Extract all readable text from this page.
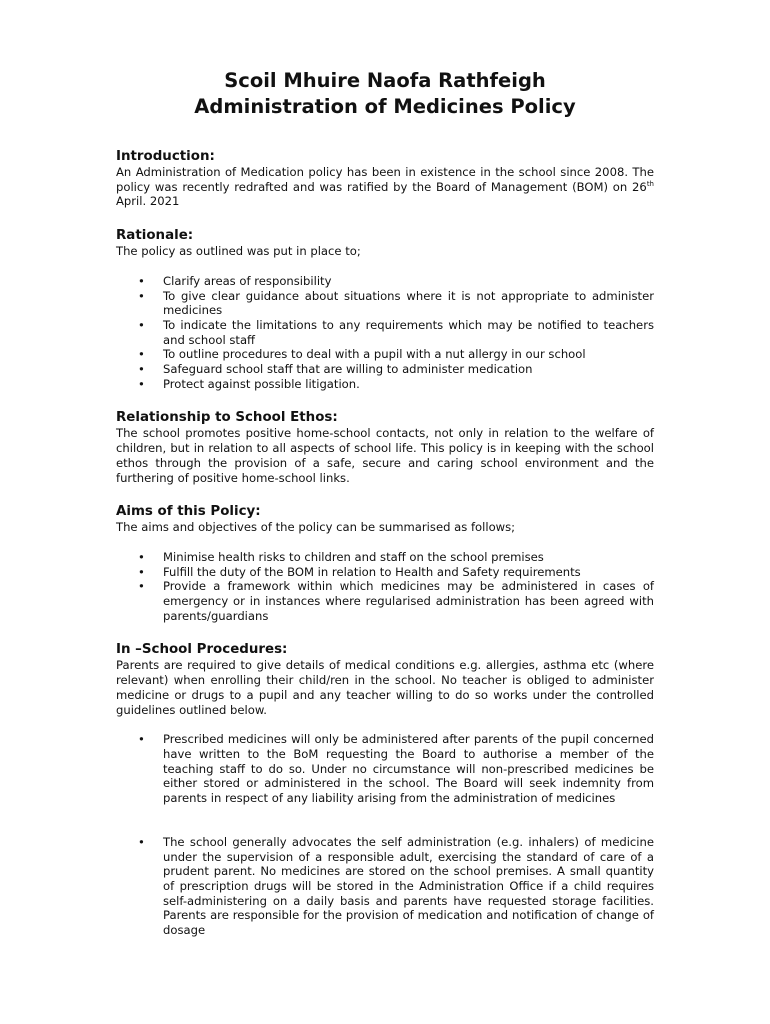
Scoil Mhuire Naofa Rathfeigh
Administration of Medicines Policy
Introduction:

An Administration of Medication policy has been in existence in the school since 2008. The policy was recently redrafted and was ratified by the Board of Management (BOM) on 26th April. 2021

Rationale:

The policy as outlined was put in place to;

• Clarify areas of responsibility
• To give clear guidance about situations where it is not appropriate to administer medicines
• To indicate the limitations to any requirements which may be notified to teachers and school staff
• To outline procedures to deal with a pupil with a nut allergy in our school
• Safeguard school staff that are willing to administer medication
• Protect against possible litigation.
Relationship to School Ethos:

The school promotes positive home-school contacts, not only in relation to the welfare of children, but in relation to all aspects of school life. This policy is in keeping with the school ethos through the provision of a safe, secure and caring school environment and the furthering of positive home-school links.

Aims of this Policy:

The aims and objectives of the policy can be summarised as follows;

• Minimise health risks to children and staff on the school premises
• Fulfill the duty of the BOM in relation to Health and Safety requirements
• Provide a framework within which medicines may be administered in cases of emergency or in instances where regularised administration has been agreed with parents/guardians
In –School Procedures:

Parents are required to give details of medical conditions e.g. allergies, asthma etc (where relevant) when enrolling their child/ren in the school. No teacher is obliged to administer medicine or drugs to a pupil and any teacher willing to do so works under the controlled guidelines outlined below.

• Prescribed medicines will only be administered after parents of the pupil concerned have written to the BoM requesting the Board to authorise a member of the teaching staff to do so. Under no circumstance will non-prescribed medicines be either stored or administered in the school. The Board will seek indemnity from parents in respect of any liability arising from the administration of medicines
• The school generally advocates the self administration (e.g. inhalers) of medicine under the supervision of a responsible adult, exercising the standard of care of a prudent parent. No medicines are stored on the school premises. A small quantity of prescription drugs will be stored in the Administration Office if a child requires self-administering on a daily basis and parents have requested storage facilities. Parents are responsible for the provision of medication and notification of change of dosage
